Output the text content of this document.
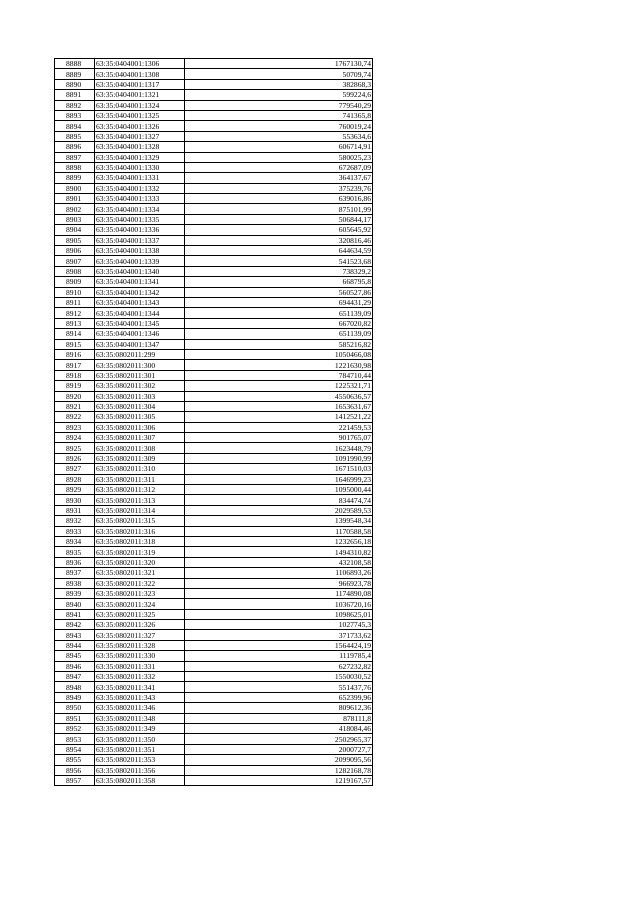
8888	63:35:0404001:1306	1767130,74
8889	63:35:0404001:1308	50709,74
8890	63:35:0404001:1317	382868,3
8891	63:35:0404001:1321	599224,6
8892	63:35:0404001:1324	779540,29
8893	63:35:0404001:1325	741365,8
8894	63:35:0404001:1326	760019,24
8895	63:35:0404001:1327	553634,6
8896	63:35:0404001:1328	606714,91
8897	63:35:0404001:1329	580025,23
8898	63:35:0404001:1330	672687,09
8899	63:35:0404001:1331	364137,67
8900	63:35:0404001:1332	375239,76
8901	63:35:0404001:1333	639016,86
8902	63:35:0404001:1334	875101,99
8903	63:35:0404001:1335	506844,17
8904	63:35:0404001:1336	605645,92
8905	63:35:0404001:1337	320816,46
8906	63:35:0404001:1338	644634,59
8907	63:35:0404001:1339	541523,68
8908	63:35:0404001:1340	738329,2
8909	63:35:0404001:1341	668795,8
8910	63:35:0404001:1342	560527,86
8911	63:35:0404001:1343	694431,29
8912	63:35:0404001:1344	651139,09
8913	63:35:0404001:1345	667020,82
8914	63:35:0404001:1346	651139,09
8915	63:35:0404001:1347	585216,82
8916	63:35:0802011:299	1050466,08
8917	63:35:0802011:300	1221630,98
8918	63:35:0802011:301	784710,44
8919	63:35:0802011:302	1225321,71
8920	63:35:0802011:303	4550636,57
8921	63:35:0802011:304	1653631,67
8922	63:35:0802011:305	1412521,22
8923	63:35:0802011:306	221459,53
8924	63:35:0802011:307	901765,07
8925	63:35:0802011:308	1623448,79
8926	63:35:0802011:309	1091990,99
8927	63:35:0802011:310	1671510,03
8928	63:35:0802011:311	1646999,23
8929	63:35:0802011:312	1095000,44
8930	63:35:0802011:313	834474,74
8931	63:35:0802011:314	2029589,53
8932	63:35:0802011:315	1399548,34
8933	63:35:0802011:316	1170588,58
8934	63:35:0802011:318	1232656,18
8935	63:35:0802011:319	1494310,82
8936	63:35:0802011:320	432108,58
8937	63:35:0802011:321	1106893,26
8938	63:35:0802011:322	966923,78
8939	63:35:0802011:323	1174890,08
8940	63:35:0802011:324	1036720,16
8941	63:35:0802011:325	1098625,01
8942	63:35:0802011:326	1027745,3
8943	63:35:0802011:327	371733,62
8944	63:35:0802011:328	1564424,19
8945	63:35:0802011:330	1119785,4
8946	63:35:0802011:331	627232,82
8947	63:35:0802011:332	1550030,52
8948	63:35:0802011:341	551437,76
8949	63:35:0802011:343	652399,96
8950	63:35:0802011:346	809612,36
8951	63:35:0802011:348	878111,8
8952	63:35:0802011:349	418084,46
8953	63:35:0802011:350	2502965,37
8954	63:35:0802011:351	2000727,7
8955	63:35:0802011:353	2099095,56
8956	63:35:0802011:356	1282168,78
8957	63:35:0802011:358	1219167,57
